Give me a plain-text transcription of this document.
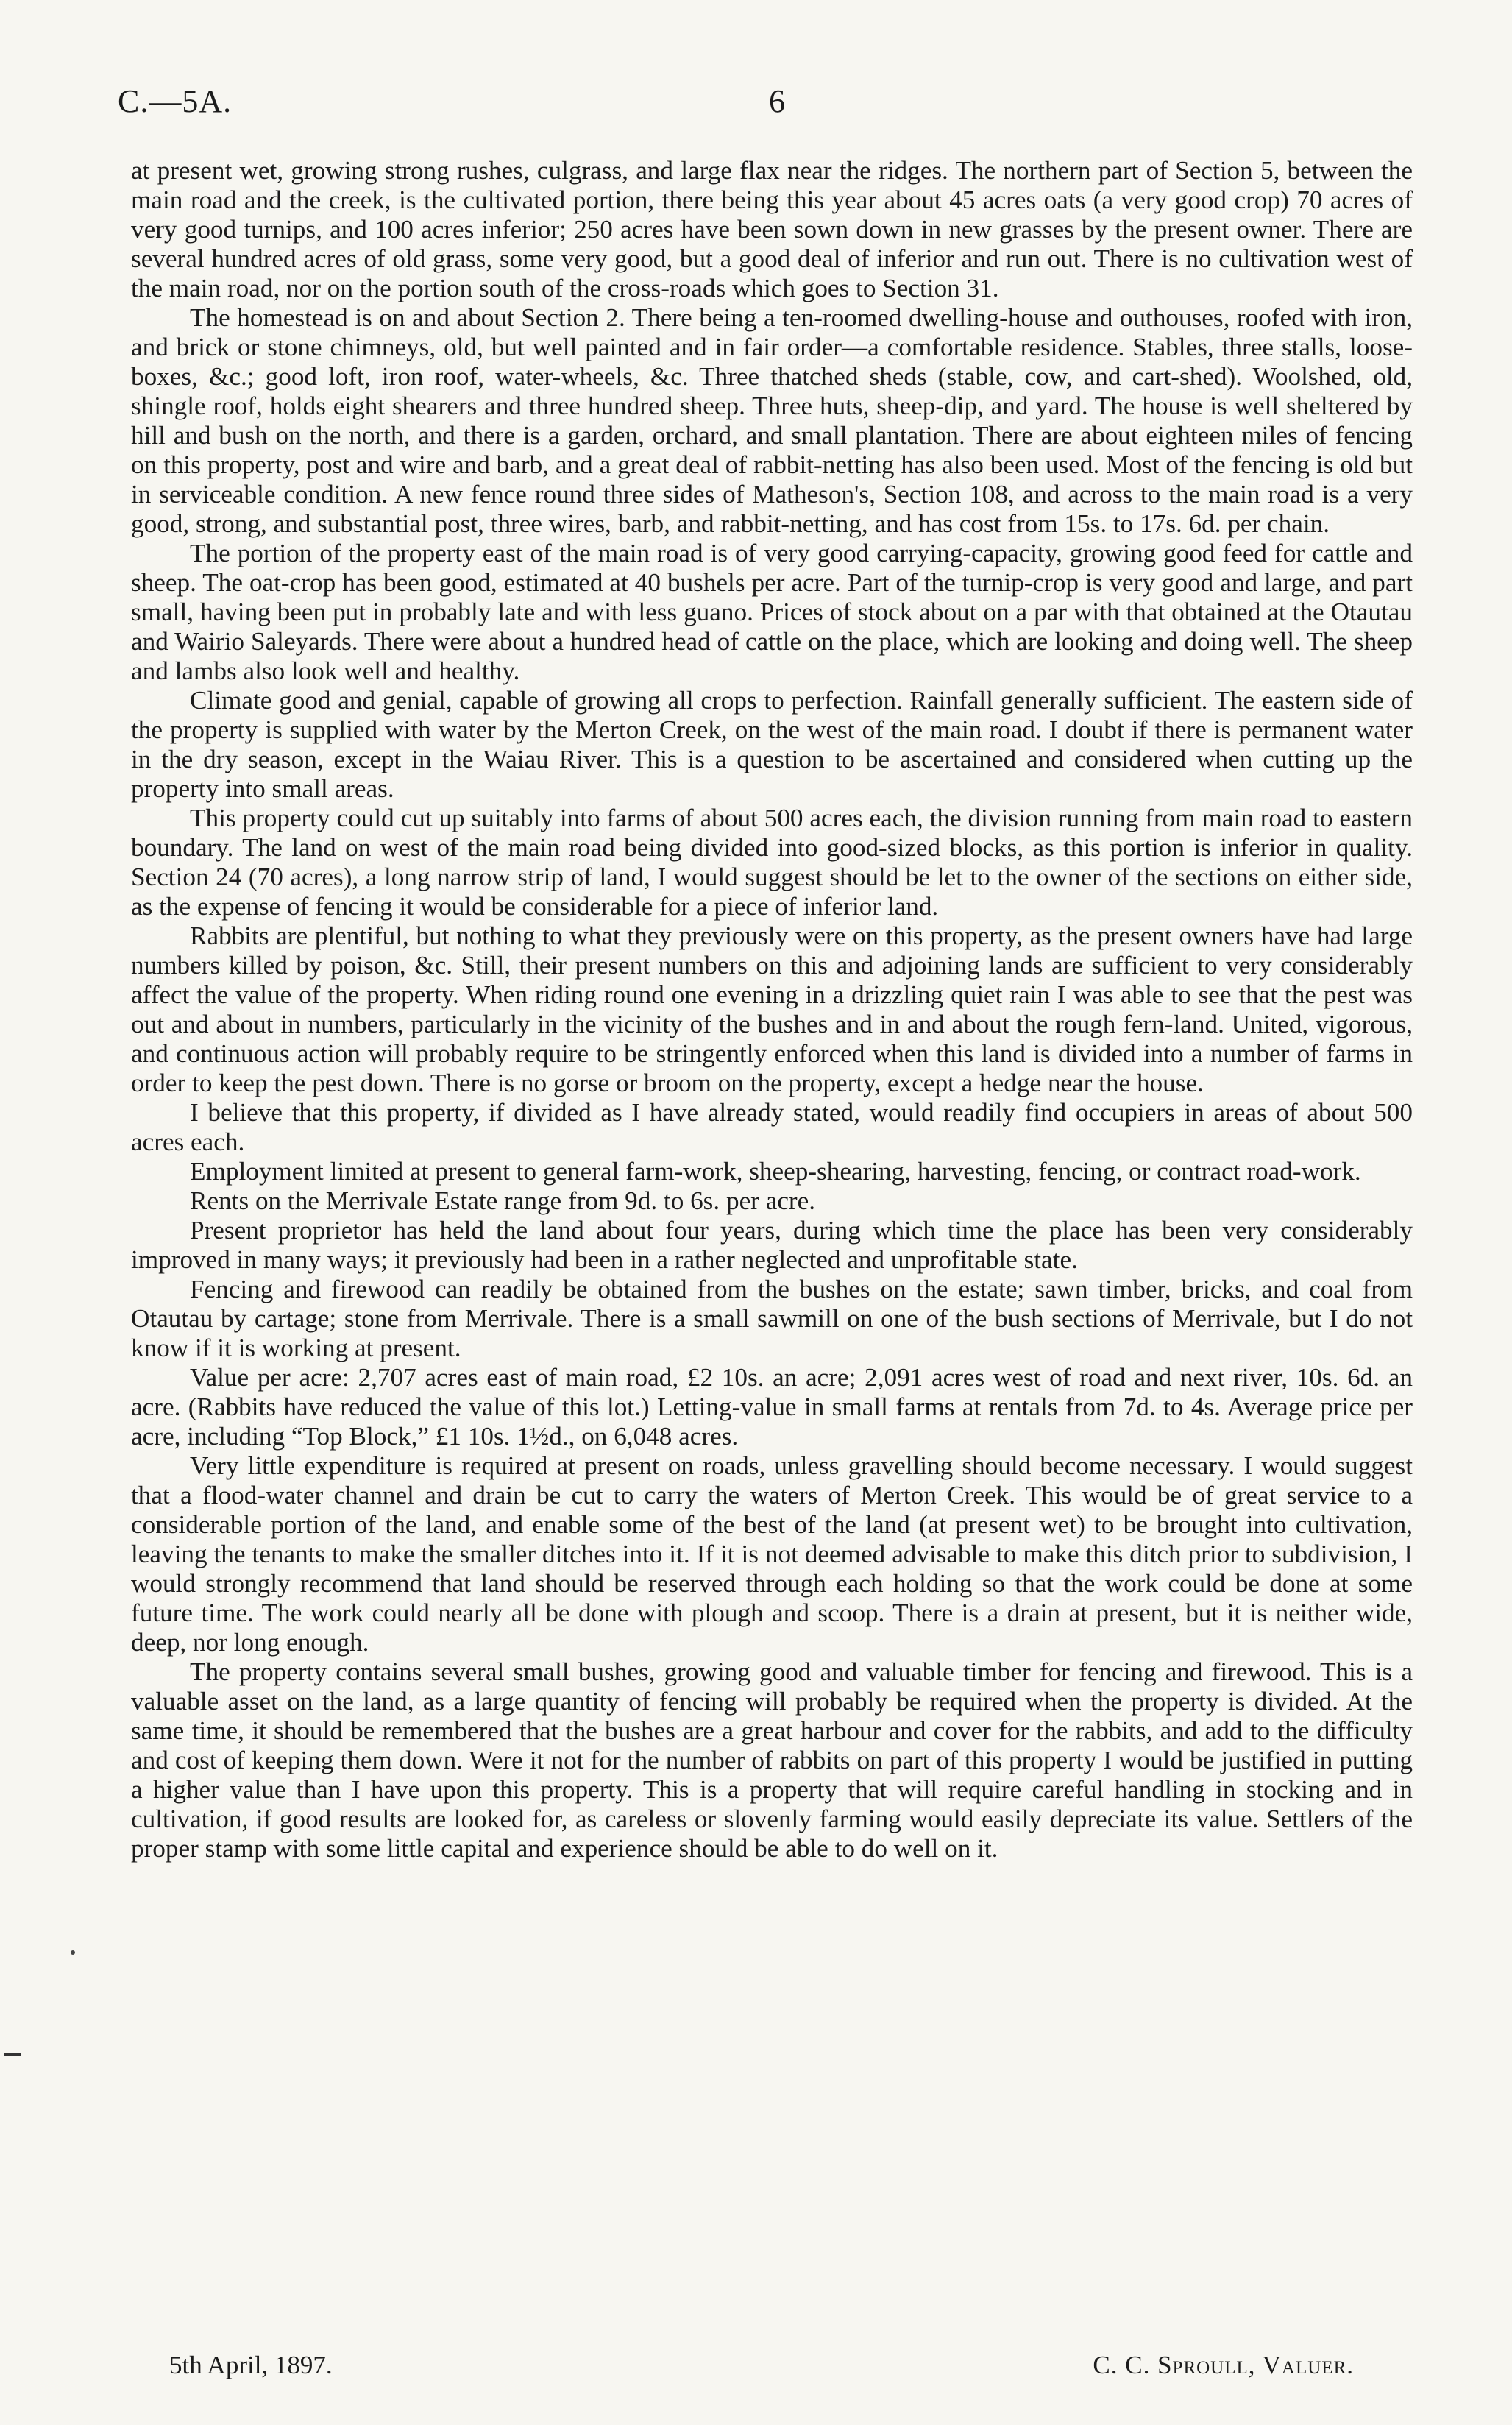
C.—5A.	6

at present wet, growing strong rushes, culgrass, and large flax near the ridges. The northern part of Section 5, between the main road and the creek, is the cultivated portion, there being this year about 45 acres oats (a very good crop) 70 acres of very good turnips, and 100 acres inferior; 250 acres have been sown down in new grasses by the present owner. There are several hundred acres of old grass, some very good, but a good deal of inferior and run out. There is no cultivation west of the main road, nor on the portion south of the cross-roads which goes to Section 31.

The homestead is on and about Section 2. There being a ten-roomed dwelling-house and outhouses, roofed with iron, and brick or stone chimneys, old, but well painted and in fair order—a comfortable residence. Stables, three stalls, loose-boxes, &c.; good loft, iron roof, water-wheels, &c. Three thatched sheds (stable, cow, and cart-shed). Woolshed, old, shingle roof, holds eight shearers and three hundred sheep. Three huts, sheep-dip, and yard. The house is well sheltered by hill and bush on the north, and there is a garden, orchard, and small plantation. There are about eighteen miles of fencing on this property, post and wire and barb, and a great deal of rabbit-netting has also been used. Most of the fencing is old but in serviceable condition. A new fence round three sides of Matheson's, Section 108, and across to the main road is a very good, strong, and substantial post, three wires, barb, and rabbit-netting, and has cost from 15s. to 17s. 6d. per chain.

The portion of the property east of the main road is of very good carrying-capacity, growing good feed for cattle and sheep. The oat-crop has been good, estimated at 40 bushels per acre. Part of the turnip-crop is very good and large, and part small, having been put in probably late and with less guano. Prices of stock about on a par with that obtained at the Otautau and Wairio Saleyards. There were about a hundred head of cattle on the place, which are looking and doing well. The sheep and lambs also look well and healthy.

Climate good and genial, capable of growing all crops to perfection. Rainfall generally sufficient. The eastern side of the property is supplied with water by the Merton Creek, on the west of the main road. I doubt if there is permanent water in the dry season, except in the Waiau River. This is a question to be ascertained and considered when cutting up the property into small areas.

This property could cut up suitably into farms of about 500 acres each, the division running from main road to eastern boundary. The land on west of the main road being divided into good-sized blocks, as this portion is inferior in quality. Section 24 (70 acres), a long narrow strip of land, I would suggest should be let to the owner of the sections on either side, as the expense of fencing it would be considerable for a piece of inferior land.

Rabbits are plentiful, but nothing to what they previously were on this property, as the present owners have had large numbers killed by poison, &c. Still, their present numbers on this and adjoining lands are sufficient to very considerably affect the value of the property. When riding round one evening in a drizzling quiet rain I was able to see that the pest was out and about in numbers, particularly in the vicinity of the bushes and in and about the rough fern-land. United, vigorous, and continuous action will probably require to be stringently enforced when this land is divided into a number of farms in order to keep the pest down. There is no gorse or broom on the property, except a hedge near the house.

I believe that this property, if divided as I have already stated, would readily find occupiers in areas of about 500 acres each.

Employment limited at present to general farm-work, sheep-shearing, harvesting, fencing, or contract road-work.

Rents on the Merrivale Estate range from 9d. to 6s. per acre.

Present proprietor has held the land about four years, during which time the place has been very considerably improved in many ways; it previously had been in a rather neglected and unprofitable state.

Fencing and firewood can readily be obtained from the bushes on the estate; sawn timber, bricks, and coal from Otautau by cartage; stone from Merrivale. There is a small sawmill on one of the bush sections of Merrivale, but I do not know if it is working at present.

Value per acre: 2,707 acres east of main road, £2 10s. an acre; 2,091 acres west of road and next river, 10s. 6d. an acre. (Rabbits have reduced the value of this lot.) Letting-value in small farms at rentals from 7d. to 4s. Average price per acre, including “Top Block,” £1 10s. 1½d., on 6,048 acres.

Very little expenditure is required at present on roads, unless gravelling should become necessary. I would suggest that a flood-water channel and drain be cut to carry the waters of Merton Creek. This would be of great service to a considerable portion of the land, and enable some of the best of the land (at present wet) to be brought into cultivation, leaving the tenants to make the smaller ditches into it. If it is not deemed advisable to make this ditch prior to subdivision, I would strongly recommend that land should be reserved through each holding so that the work could be done at some future time. The work could nearly all be done with plough and scoop. There is a drain at present, but it is neither wide, deep, nor long enough.

The property contains several small bushes, growing good and valuable timber for fencing and firewood. This is a valuable asset on the land, as a large quantity of fencing will probably be required when the property is divided. At the same time, it should be remembered that the bushes are a great harbour and cover for the rabbits, and add to the difficulty and cost of keeping them down. Were it not for the number of rabbits on part of this property I would be justified in putting a higher value than I have upon this property. This is a property that will require careful handling in stocking and in cultivation, if good results are looked for, as careless or slovenly farming would easily depreciate its value. Settlers of the proper stamp with some little capital and experience should be able to do well on it.

5th April, 1897.	C. C. Sproull, Valuer.
